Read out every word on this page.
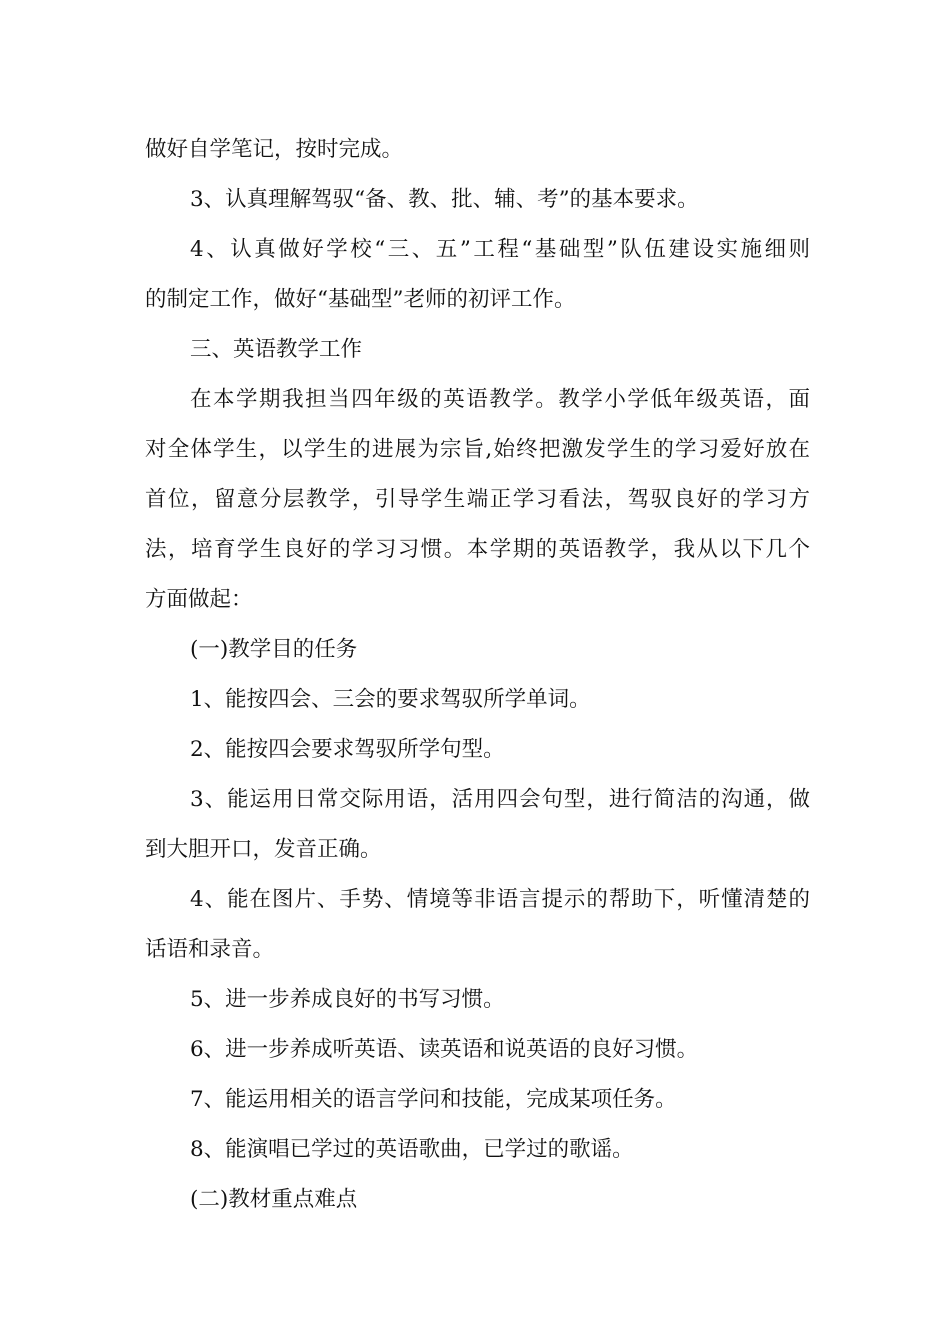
做好自学笔记，按时完成。
3、认真理解驾驭“备、教、批、辅、考”的基本要求。
4、认真做好学校“三、五”工程“基础型”队伍建设实施细则
的制定工作，做好“基础型”老师的初评工作。
三、英语教学工作
在本学期我担当四年级的英语教学。教学小学低年级英语，面
对全体学生，以学生的进展为宗旨,始终把激发学生的学习爱好放在
首位，留意分层教学，引导学生端正学习看法，驾驭良好的学习方
法，培育学生良好的学习习惯。本学期的英语教学，我从以下几个
方面做起：
(一)教学目的任务
1、能按四会、三会的要求驾驭所学单词。
2、能按四会要求驾驭所学句型。
3、能运用日常交际用语，活用四会句型，进行简洁的沟通，做
到大胆开口，发音正确。
4、能在图片、手势、情境等非语言提示的帮助下，听懂清楚的
话语和录音。
5、进一步养成良好的书写习惯。
6、进一步养成听英语、读英语和说英语的良好习惯。
7、能运用相关的语言学问和技能，完成某项任务。
8、能演唱已学过的英语歌曲，已学过的歌谣。
(二)教材重点难点
